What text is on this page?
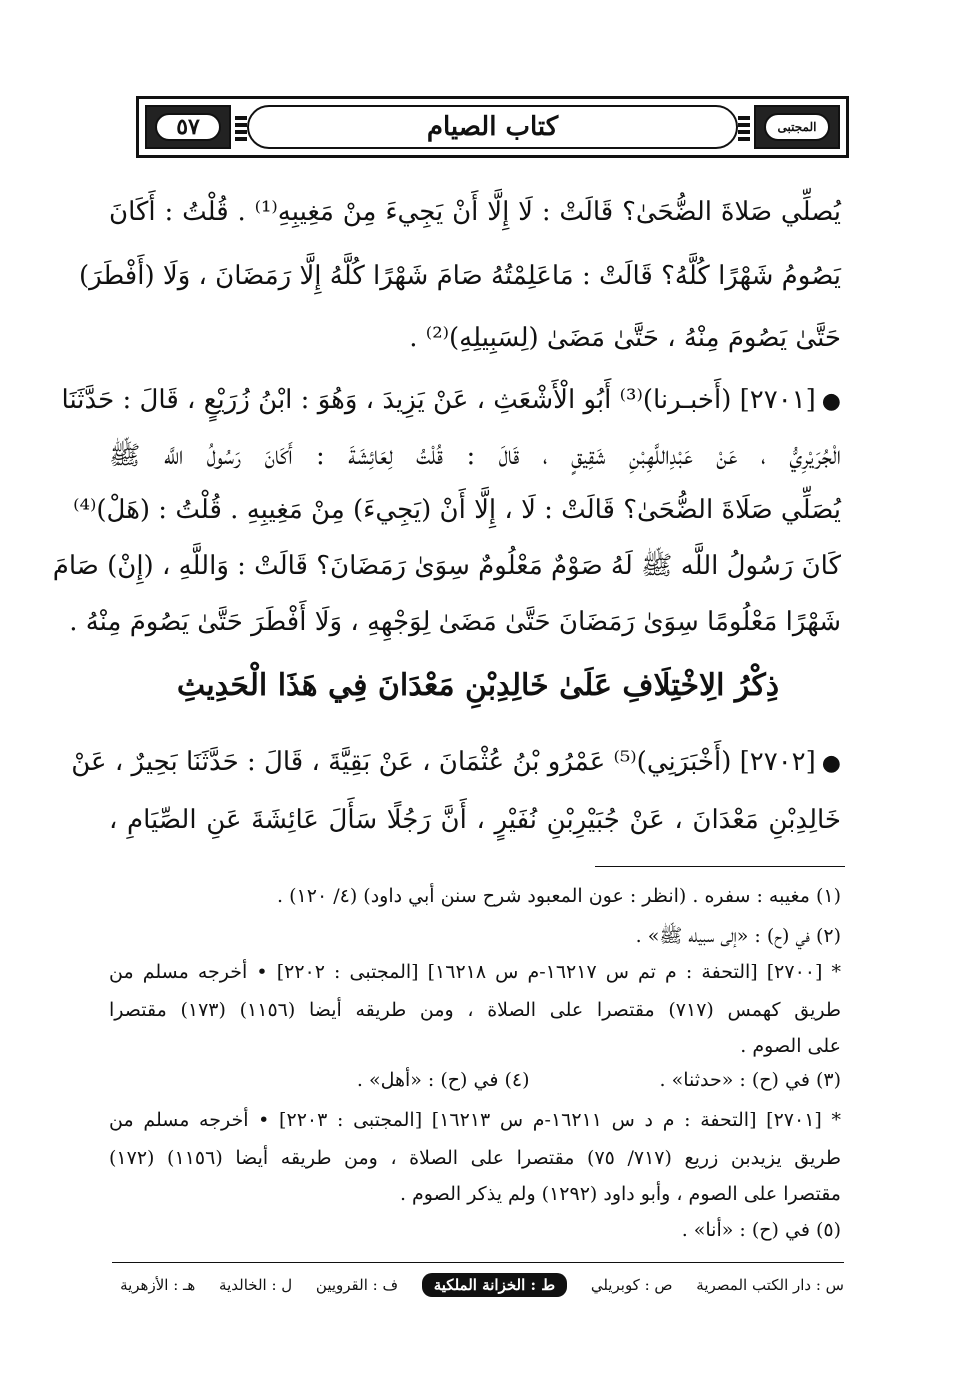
المجتبى
كتاب الصيام
٥٧
يُصلِّي صَلاةَ الضُّحَىٰ؟ قَالَتْ : لَا إِلَّا أَنْ يَجِيءَ مِنْ مَغِيبِهِ⁽¹⁾ . قُلْتُ : أَكَانَ
يَصُومُ شَهْرًا كُلَّهُ؟ قَالَتْ : مَاعَلِمْتُهُ صَامَ شَهْرًا كُلَّهُ إِلَّا رَمَضَانَ ، وَلَا (أَفْطَرَ)
حَتَّىٰ يَصُومَ مِنْهُ ، حَتَّىٰ مَضَىٰ (لِسَبِيلِهِ)⁽²⁾ .
●[٢٧٠١] (أَخبـرنا)⁽³⁾ أَبُو الْأَشْعَثِ ، عَنْ يَزِيدَ ، وَهُوَ : ابْنُ زُرَيْعٍ ، قَالَ : حَدَّثَنَا
الْجُرَيْرِيُّ ، عَنْ عَبْدِاللَّهِبْنِ شَقِيقٍ ، قَالَ : قُلْتُ لِعَائِشَةَ : أَكَانَ رَسُولُ اللَّه ﷺ
يُصَلِّي صَلَاةَ الضُّحَىٰ؟ قَالَتْ : لَا ، إِلَّا أَنْ (يَجِيءَ) مِنْ مَغِيبِهِ . قُلْتُ : (هَلْ)⁽⁴⁾
كَانَ رَسُولُ اللَّه ﷺ لَهُ صَوْمٌ مَعْلُومٌ سِوَىٰ رَمَضَانَ؟ قَالَتْ : وَاللَّهِ ، (إِنْ) صَامَ
شَهْرًا مَعْلُومًا سِوَىٰ رَمَضَانَ حَتَّىٰ مَضَىٰ لِوَجْهِهِ ، وَلَا أَفْطَرَ حَتَّىٰ يَصُومَ مِنْهُ .
ذِكْرُ الِاخْتِلَافِ عَلَىٰ خَالِدِبْنِ مَعْدَانَ فِي هَذَا الْحَدِيثِ
●[٢٧٠٢] (أَخْبَرَنِي)⁽⁵⁾ عَمْرُو بْنُ عُثْمَانَ ، عَنْ بَقِيَّةَ ، قَالَ : حَدَّثَنَا بَحِيرٌ ، عَنْ
خَالِدِبْنِ مَعْدَانَ ، عَنْ جُبَيْرِبْنِ نُفَيْرٍ ، أَنَّ رَجُلًا سَأَلَ عَائِشَةَ عَنِ الصِّيَامِ ،
(١) مغيبه : سفره . (انظر : عون المعبود شرح سنن أبي داود) (٤/ ١٢٠) .
(٢) في (ح) : «إلى سبيله ﷺ» .
* [٢٧٠٠] [التحفة : م تم س ١٦٢١٧-م س ١٦٢١٨] [المجتبى : ٢٢٠٢] • أخرجه مسلم من
طريق كهمس (٧١٧) مقتصرا على الصلاة ، ومن طريقه أيضا (١١٥٦) (١٧٣) مقتصرا
على الصوم .
(٣) في (ح) : «حدثنا» .
(٤) في (ح) : «أهل» .
* [٢٧٠١] [التحفة : م د س ١٦٢١١-م س ١٦٢١٣] [المجتبى : ٢٢٠٣] • أخرجه مسلم من
طريق يزيدبن زريع (٧١٧/ ٧٥) مقتصرا على الصلاة ، ومن طريقه أيضا (١١٥٦) (١٧٢)
مقتصرا على الصوم ، وأبو داود (١٢٩٢) ولم يذكر الصوم .
(٥) في (ح) : «أنا» .
س : دار الكتب المصرية
ص : كوبريلي
ط : الخزانة الملكية
ف : القرويين
ل : الخالدية
هـ : الأزهرية
